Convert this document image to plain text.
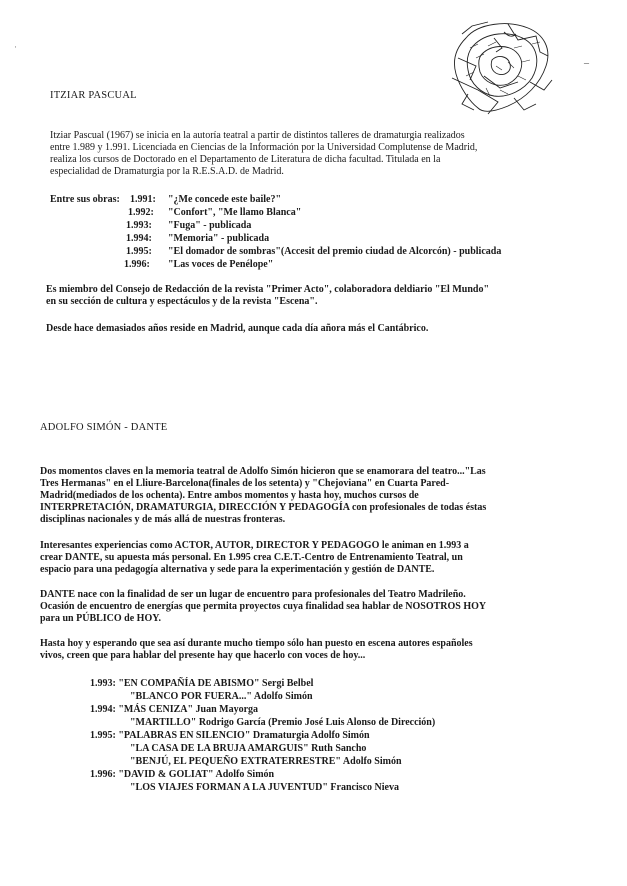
·
–
ITZIAR PASCUAL

Itziar Pascual (1967) se inicia en la autoría teatral a partir de distintos talleres de dramaturgia realizados

entre 1.989 y 1.991. Licenciada en Ciencias de la Información por la Universidad Complutense de Madrid,

realiza los cursos de Doctorado en el Departamento de Literatura de dicha facultad. Titulada en la

especialidad de Dramaturgia por la R.E.S.A.D. de Madrid.

Entre sus obras: 1.991: "¿Me concede este baile?"
1.992: "Confort", "Me llamo Blanca"
1.993: "Fuga" - publicada
1.994: "Memoria" - publicada
1.995: "El domador de sombras"(Accesit del premio ciudad de Alcorcón) - publicada
1.996: "Las voces de Penélope"

Es miembro del Consejo de Redacción de la revista "Primer Acto", colaboradora deldiario "El Mundo"

en su sección de cultura y espectáculos y de la revista "Escena".

Desde hace demasiados años reside en Madrid, aunque cada día añora más el Cantábrico.

ADOLFO SIMÓN - DANTE

Dos momentos claves en la memoria teatral de Adolfo Simón hicieron que se enamorara del teatro..."Las

Tres Hermanas" en el Lliure-Barcelona(finales de los setenta) y "Chejoviana" en Cuarta Pared-

Madrid(mediados de los ochenta). Entre ambos momentos y hasta hoy, muchos cursos de

INTERPRETACIÓN, DRAMATURGIA, DIRECCIÓN Y PEDAGOGÍA con profesionales de todas éstas

disciplinas nacionales y de más allá de nuestras fronteras.

Interesantes experiencias como ACTOR, AUTOR, DIRECTOR Y PEDAGOGO le animan en 1.993 a

crear DANTE, su apuesta más personal. En 1.995 crea C.E.T.-Centro de Entrenamiento Teatral, un

espacio para una pedagogía alternativa y sede para la experimentación y gestión de DANTE.

DANTE nace con la finalidad de ser un lugar de encuentro para profesionales del Teatro Madrileño.

Ocasión de encuentro de energías que permita proyectos cuya finalidad sea hablar de NOSOTROS HOY

para un PÚBLICO de HOY.

Hasta hoy y esperando que sea así durante mucho tiempo sólo han puesto en escena autores españoles

vivos, creen que para hablar del presente hay que hacerlo con voces de hoy...

1.993: "EN COMPAÑÍA DE ABISMO" Sergi Belbel
"BLANCO POR FUERA..." Adolfo Simón
1.994: "MÁS CENIZA" Juan Mayorga
"MARTILLO" Rodrigo García (Premio José Luis Alonso de Dirección)
1.995: "PALABRAS EN SILENCIO" Dramaturgia Adolfo Simón
"LA CASA DE LA BRUJA AMARGUIS" Ruth Sancho
"BENJÚ, EL PEQUEÑO EXTRATERRESTRE" Adolfo Simón
1.996: "DAVID & GOLIAT" Adolfo Simón
"LOS VIAJES FORMAN A LA JUVENTUD" Francisco Nieva
